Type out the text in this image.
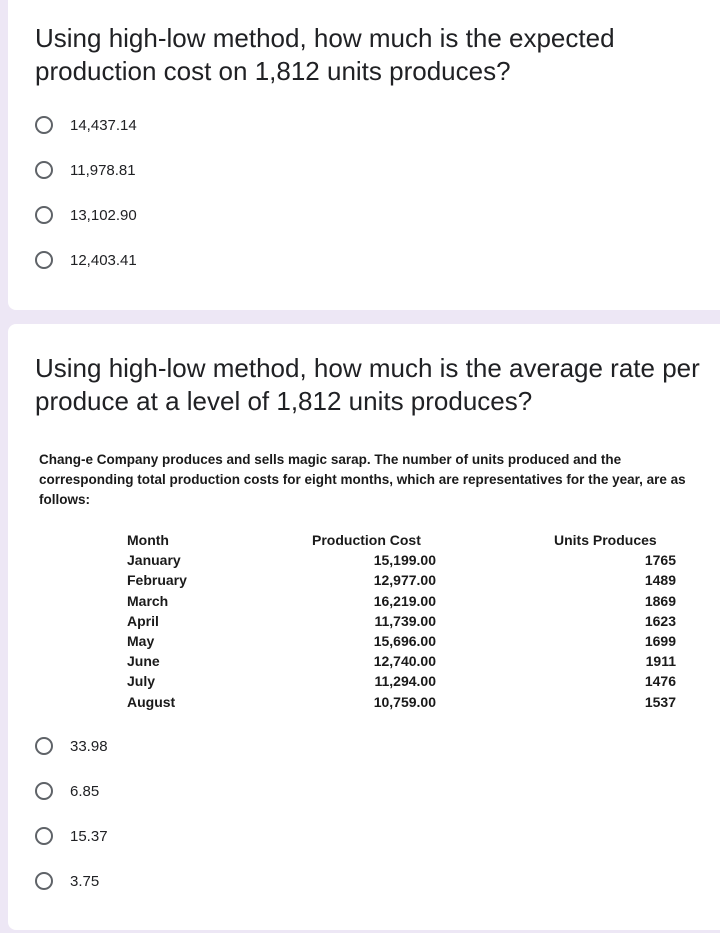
Using high-low method, how much is the expected production cost on 1,812 units produces?
14,437.14
11,978.81
13,102.90
12,403.41
Using high-low method, how much is the average rate per produce at a level of 1,812 units produces?

Chang-e Company produces and sells magic sarap. The number of units produced and the corresponding total production costs for eight months, which are representatives for the year, are as follows:

Month
January
February
March
April
May
June
July
August
Production Cost
15,199.00
12,977.00
16,219.00
11,739.00
15,696.00
12,740.00
11,294.00
10,759.00
Units Produces
1765
1489
1869
1623
1699
1911
1476
1537
33.98
6.85
15.37
3.75
